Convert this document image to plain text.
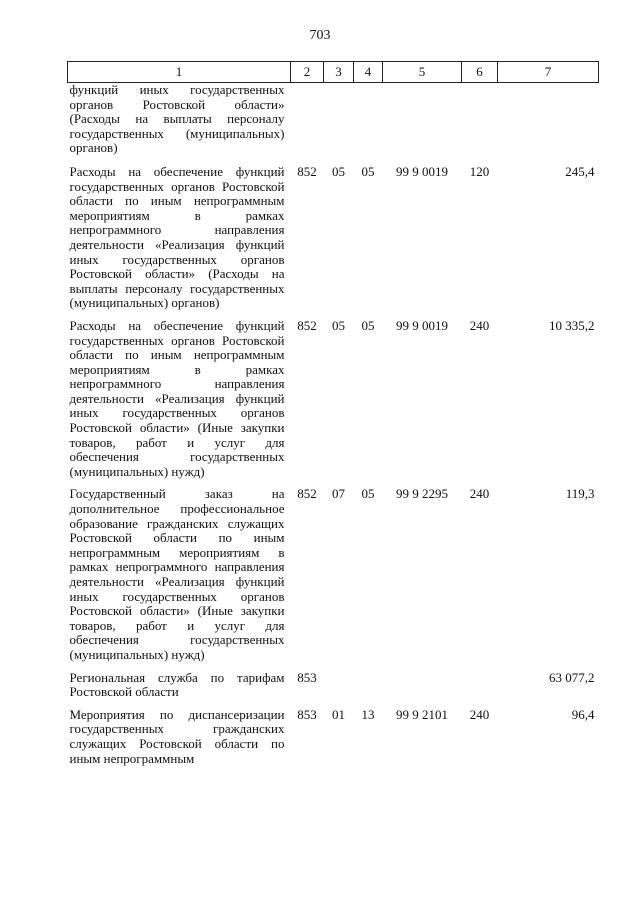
703
1	2	3	4	5	6	7
функций иных государственных органов Ростовской области» (Расходы на выплаты персоналу государственных (муниципальных) органов)						
Расходы на обеспечение функций государственных органов Ростовской области по иным непрограммным мероприятиям в рамках непрограммного направления деятельности «Реализация функций иных государственных органов Ростовской области» (Расходы на выплаты персоналу государственных (муниципальных) органов)	852	05	05	99 9 0019	120	245,4
Расходы на обеспечение функций государственных органов Ростовской области по иным непрограммным мероприятиям в рамках непрограммного направления деятельности «Реализация функций иных государственных органов Ростовской области» (Иные закупки товаров, работ и услуг для обеспечения государственных (муниципальных) нужд)	852	05	05	99 9 0019	240	10 335,2
Государственный заказ на дополнительное профессиональное образование гражданских служащих Ростовской области по иным непрограммным мероприятиям в рамках непрограммного направления деятельности «Реализация функций иных государственных органов Ростовской области» (Иные закупки товаров, работ и услуг для обеспечения государственных (муниципальных) нужд)	852	07	05	99 9 2295	240	119,3
Региональная служба по тарифам Ростовской области	853					63 077,2
Мероприятия по диспансеризации государственных гражданских служащих Ростовской области по иным непрограммным	853	01	13	99 9 2101	240	96,4
